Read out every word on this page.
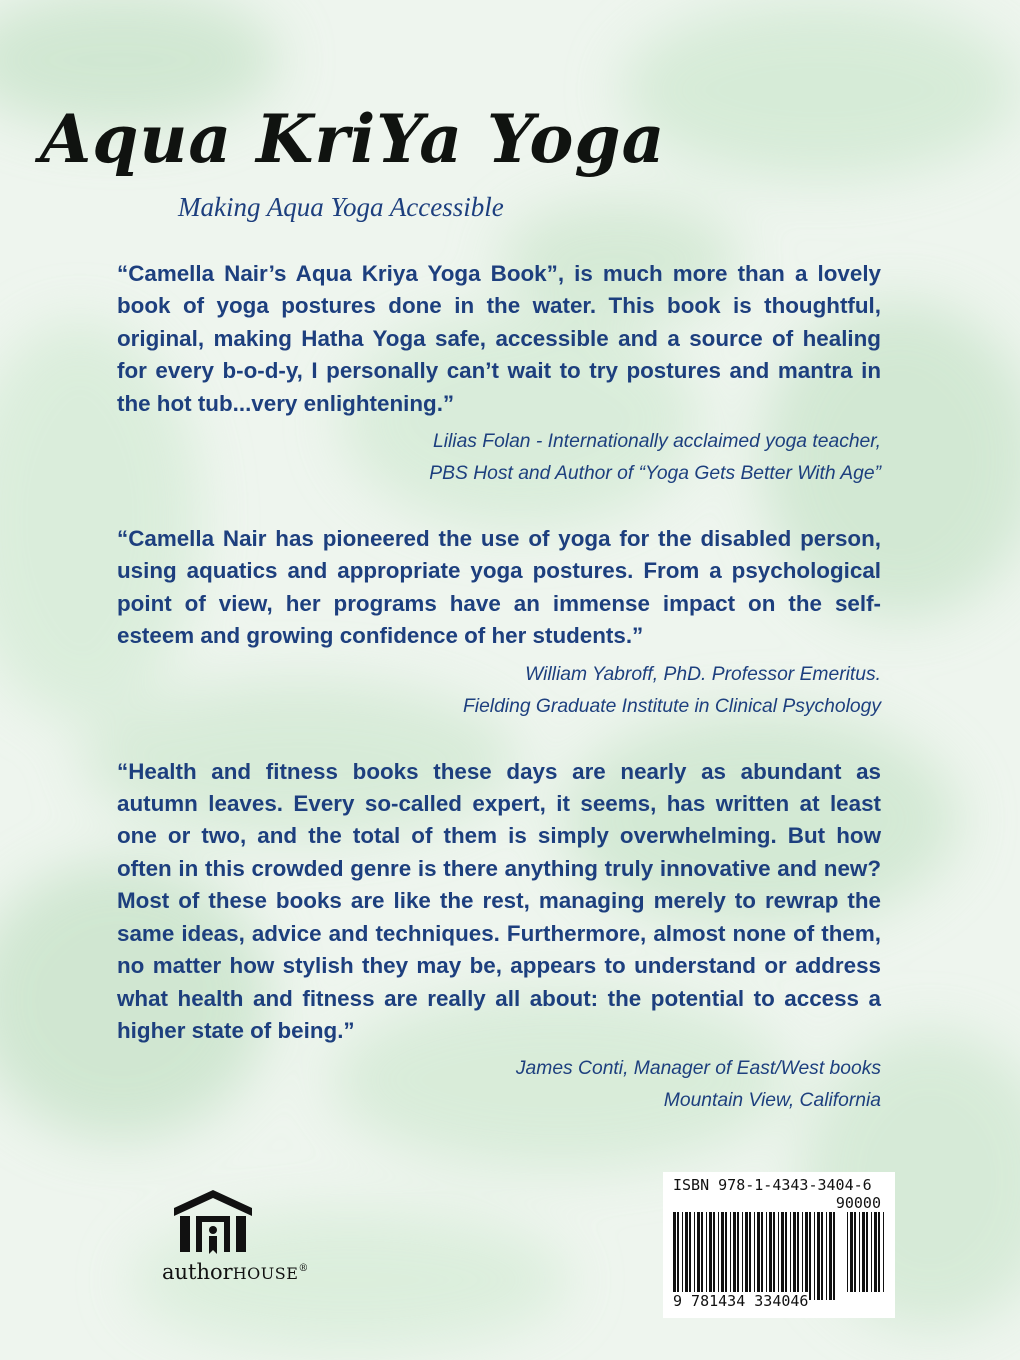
Aqua KriYa Yoga
Making Aqua Yoga Accessible

“Camella Nair’s Aqua Kriya Yoga Book”, is much more than a lovely book of yoga postures done in the water. This book is thoughtful, original, making Hatha Yoga safe, accessible and a source of healing for every b-o-d-y, I personally can’t wait to try postures and mantra in the hot tub...very enlightening.”

Lilias Folan - Internationally acclaimed yoga teacher,
PBS Host and Author of “Yoga Gets Better With Age”

“Camella Nair has pioneered the use of yoga for the disabled person, using aquatics and appropriate yoga postures. From a psychological point of view, her programs have an immense impact on the self-esteem and growing confidence of her students.”

William Yabroff, PhD. Professor Emeritus.
Fielding Graduate Institute in Clinical Psychology

“Health and fitness books these days are nearly as abundant as autumn leaves. Every so-called expert, it seems, has written at least one or two, and the total of them is simply overwhelming. But how often in this crowded genre is there anything truly innovative and new? Most of these books are like the rest, managing merely to rewrap the same ideas, advice and techniques. Furthermore, almost none of them, no matter how stylish they may be, appears to understand or address what health and fitness are really all about: the potential to access a higher state of being.”

James Conti, Manager of East/West books
Mountain View, California
authorHOUSE®
ISBN 978-1-4343-3404-6
90000
9 781434 334046
